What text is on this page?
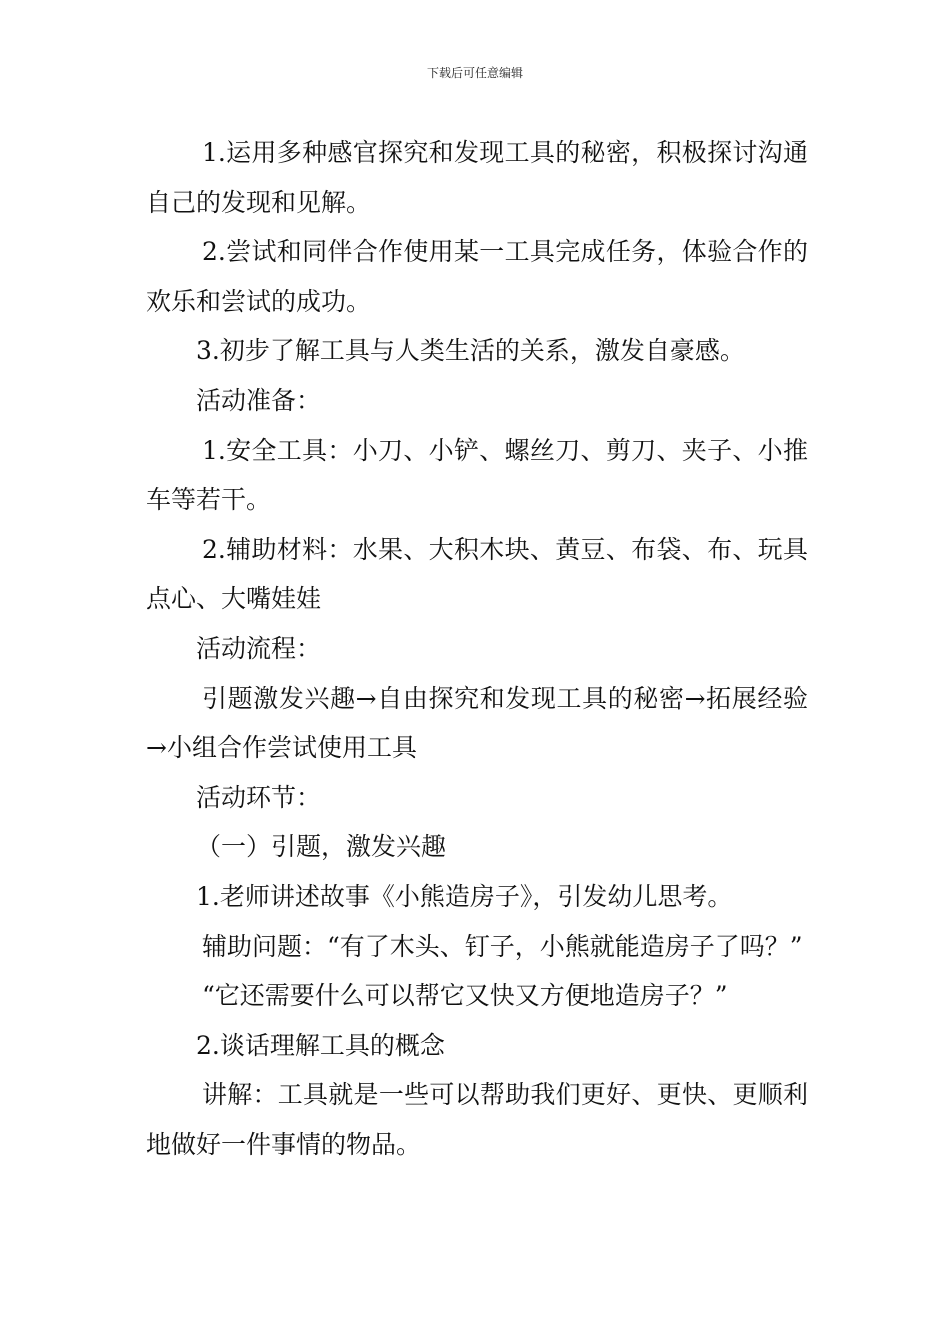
下载后可任意编辑

1.运用多种感官探究和发现工具的秘密，积极探讨沟通自己的发现和见解。

2.尝试和同伴合作使用某一工具完成任务，体验合作的欢乐和尝试的成功。

3.初步了解工具与人类生活的关系，激发自豪感。

活动准备：

1.安全工具：小刀、小铲、螺丝刀、剪刀、夹子、小推车等若干。

2.辅助材料：水果、大积木块、黄豆、布袋、布、玩具点心、大嘴娃娃

活动流程：

引题激发兴趣→自由探究和发现工具的秘密→拓展经验→小组合作尝试使用工具

活动环节：

（一）引题，激发兴趣

1.老师讲述故事《小熊造房子》，引发幼儿思考。

辅助问题：“有了木头、钉子，小熊就能造房子了吗？”

“它还需要什么可以帮它又快又方便地造房子？”

2.谈话理解工具的概念

讲解：工具就是一些可以帮助我们更好、更快、更顺利地做好一件事情的物品。
